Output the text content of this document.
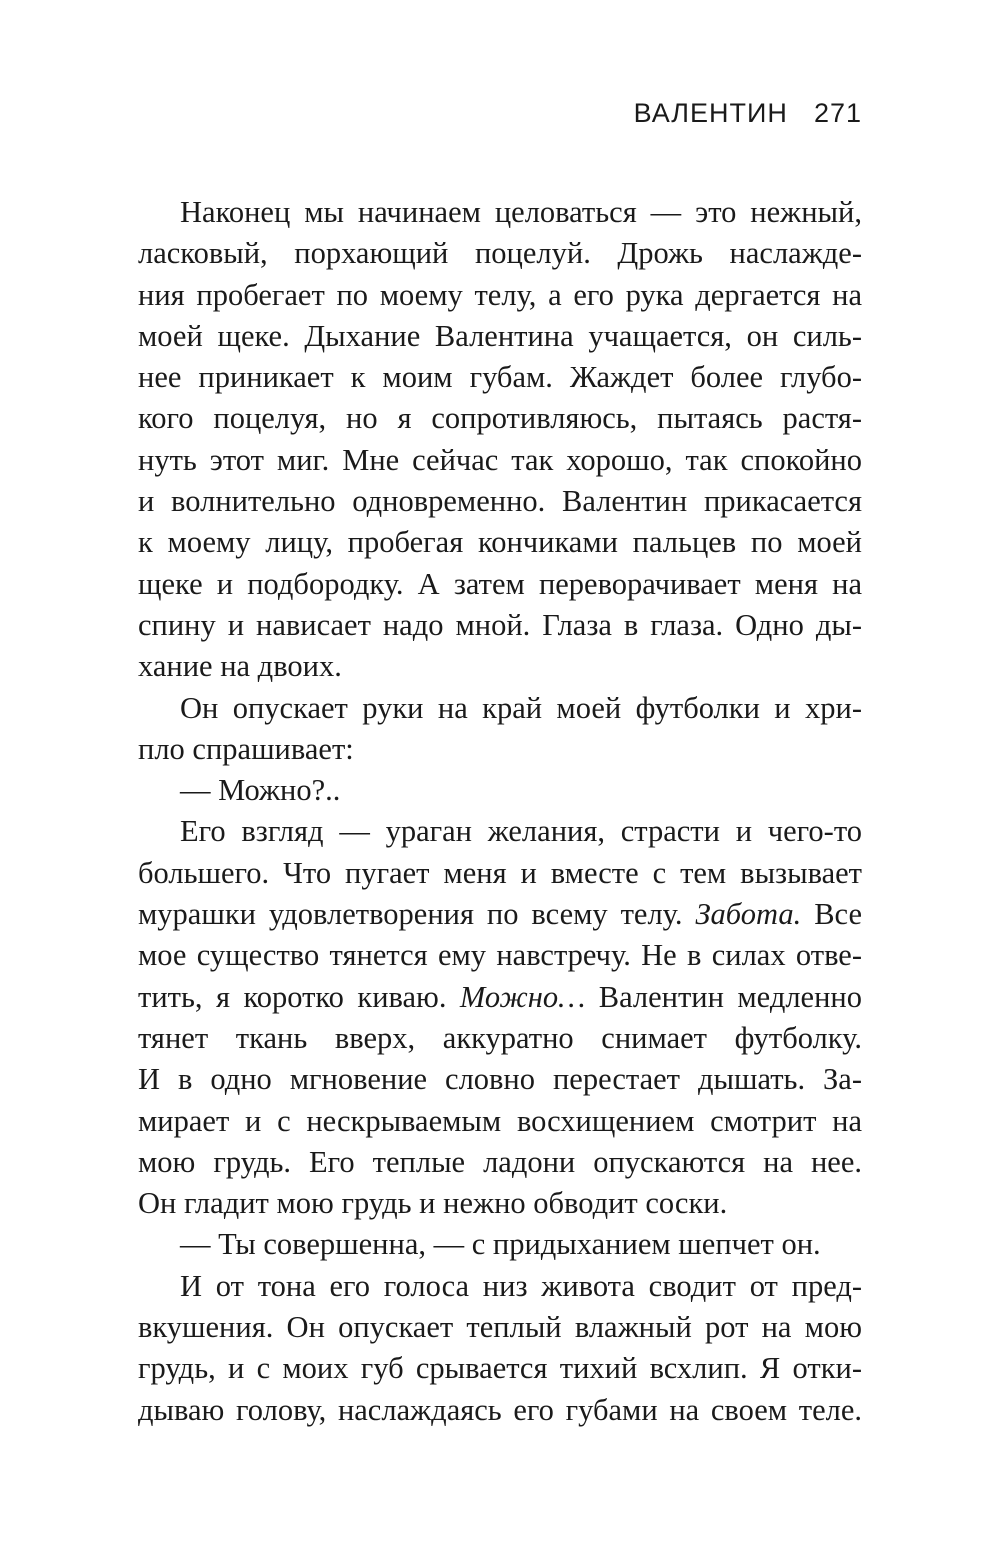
ВАЛЕНТИН 271
Наконец мы начинаем целоваться — это нежный,
ласковый, порхающий поцелуй. Дрожь наслажде-
ния пробегает по моему телу, а его рука дергается на
моей щеке. Дыхание Валентина учащается, он силь-
нее приникает к моим губам. Жаждет более глубо-
кого поцелуя, но я сопротивляюсь, пытаясь растя-
нуть этот миг. Мне сейчас так хорошо, так спокойно
и волнительно одновременно. Валентин прикасается
к моему лицу, пробегая кончиками пальцев по моей
щеке и подбородку. А затем переворачивает меня на
спину и нависает надо мной. Глаза в глаза. Одно ды-
хание на двоих.
Он опускает руки на край моей футболки и хри-
пло спрашивает:
— Можно?..
Его взгляд — ураган желания, страсти и чего-то
большего. Что пугает меня и вместе с тем вызывает
мурашки удовлетворения по всему телу. Забота. Все
мое существо тянется ему навстречу. Не в силах отве-
тить, я коротко киваю. Можно… Валентин медленно
тянет ткань вверх, аккуратно снимает футболку.
И в одно мгновение словно перестает дышать. За-
мирает и с нескрываемым восхищением смотрит на
мою грудь. Его теплые ладони опускаются на нее.
Он гладит мою грудь и нежно обводит соски.
— Ты совершенна, — с придыханием шепчет он.
И от тона его голоса низ живота сводит от пред-
вкушения. Он опускает теплый влажный рот на мою
грудь, и с моих губ срывается тихий всхлип. Я отки-
дываю голову, наслаждаясь его губами на своем теле.
